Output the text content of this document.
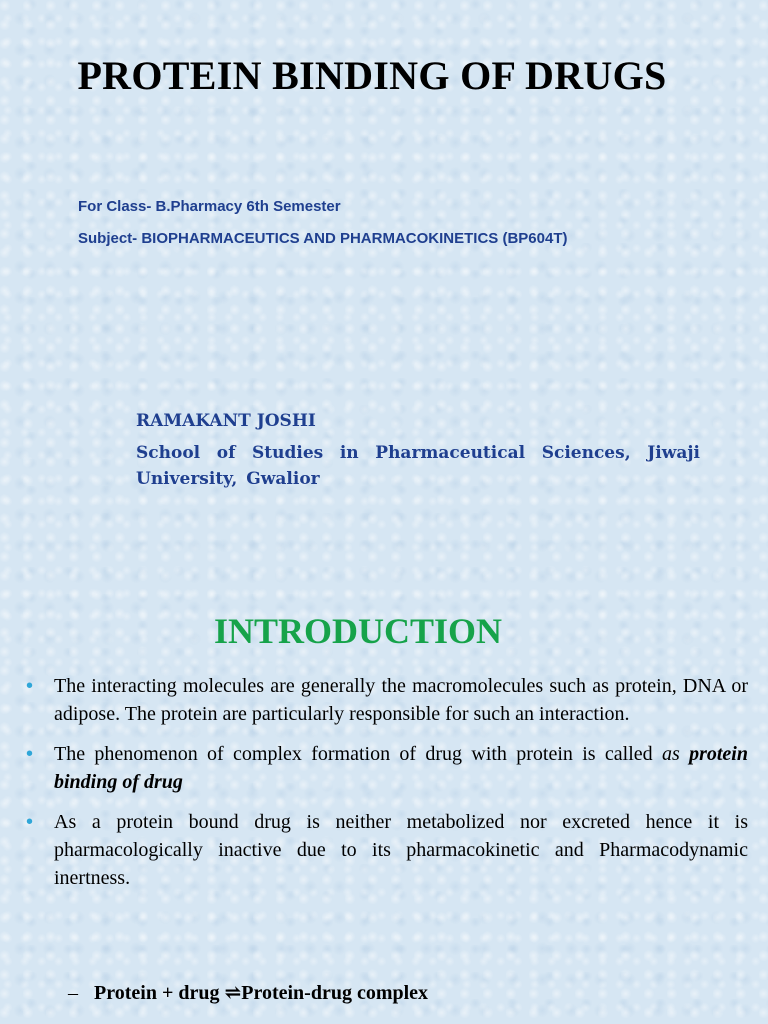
PROTEIN BINDING OF DRUGS
For Class- B.Pharmacy 6th Semester
Subject- BIOPHARMACEUTICS AND PHARMACOKINETICS (BP604T)
RAMAKANT JOSHI
School of Studies in Pharmaceutical Sciences, Jiwaji University, Gwalior
INTRODUCTION
• The interacting molecules are generally the macromolecules such as protein, DNA or adipose. The protein are particularly responsible for such an interaction.
• The phenomenon of complex formation of drug with protein is called as protein binding of drug
• As a protein bound drug is neither metabolized nor excreted hence it is pharmacologically inactive due to its pharmacokinetic and Pharmacodynamic inertness.
– Protein + drug ⇌Protein-drug complex
